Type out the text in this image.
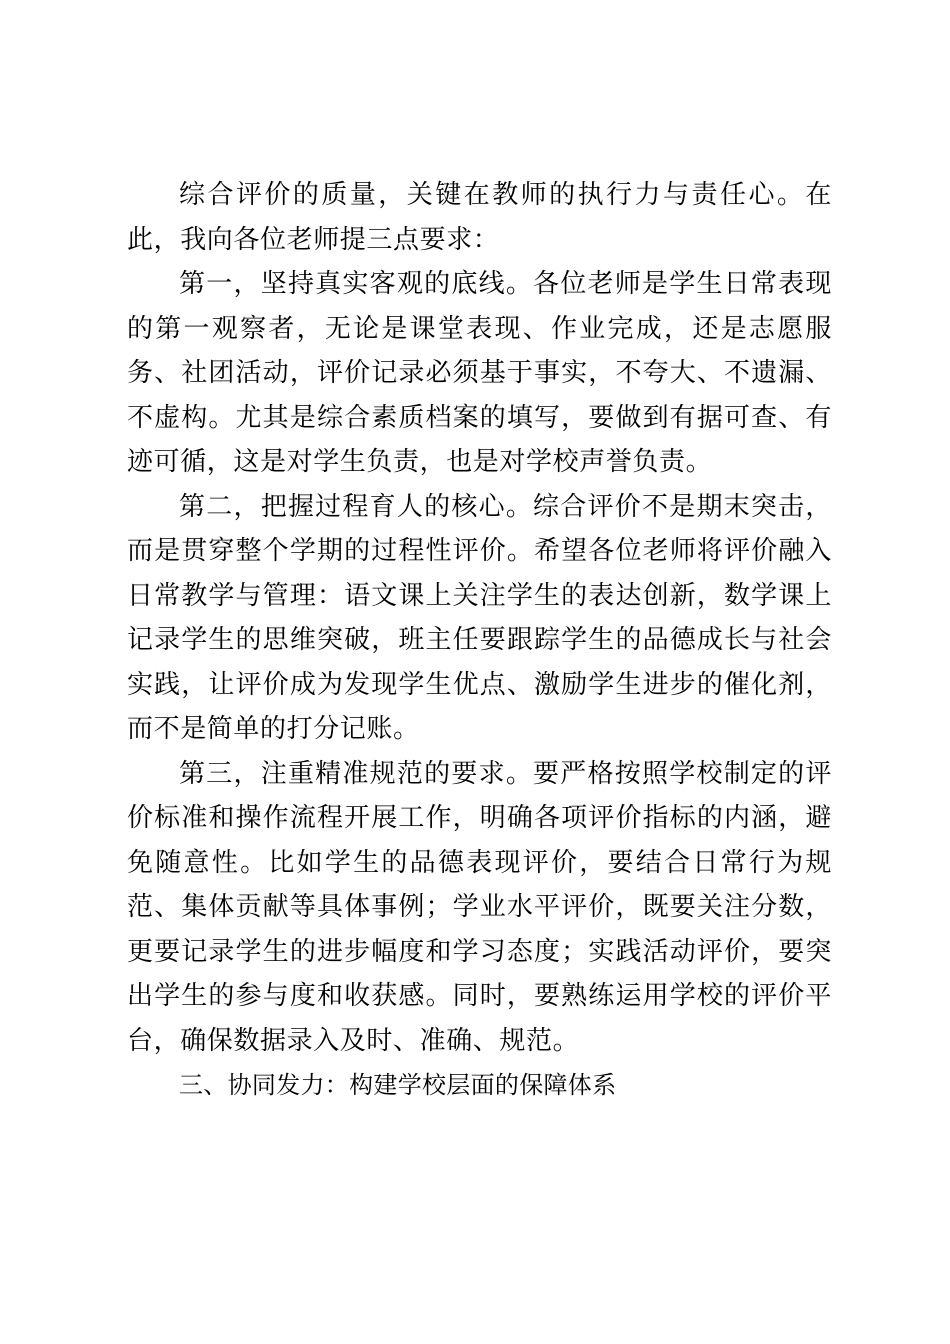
综合评价的质量，关键在教师的执行力与责任心。在此，我向各位老师提三点要求：

第一，坚持真实客观的底线。各位老师是学生日常表现的第一观察者，无论是课堂表现、作业完成，还是志愿服务、社团活动，评价记录必须基于事实，不夸大、不遗漏、不虚构。尤其是综合素质档案的填写，要做到有据可查、有迹可循，这是对学生负责，也是对学校声誉负责。

第二，把握过程育人的核心。综合评价不是期末突击，而是贯穿整个学期的过程性评价。希望各位老师将评价融入日常教学与管理：语文课上关注学生的表达创新，数学课上记录学生的思维突破，班主任要跟踪学生的品德成长与社会实践，让评价成为发现学生优点、激励学生进步的催化剂，而不是简单的打分记账。

第三，注重精准规范的要求。要严格按照学校制定的评价标准和操作流程开展工作，明确各项评价指标的内涵，避免随意性。比如学生的品德表现评价，要结合日常行为规范、集体贡献等具体事例；学业水平评价，既要关注分数，更要记录学生的进步幅度和学习态度；实践活动评价，要突出学生的参与度和收获感。同时，要熟练运用学校的评价平台，确保数据录入及时、准确、规范。

三、协同发力：构建学校层面的保障体系
